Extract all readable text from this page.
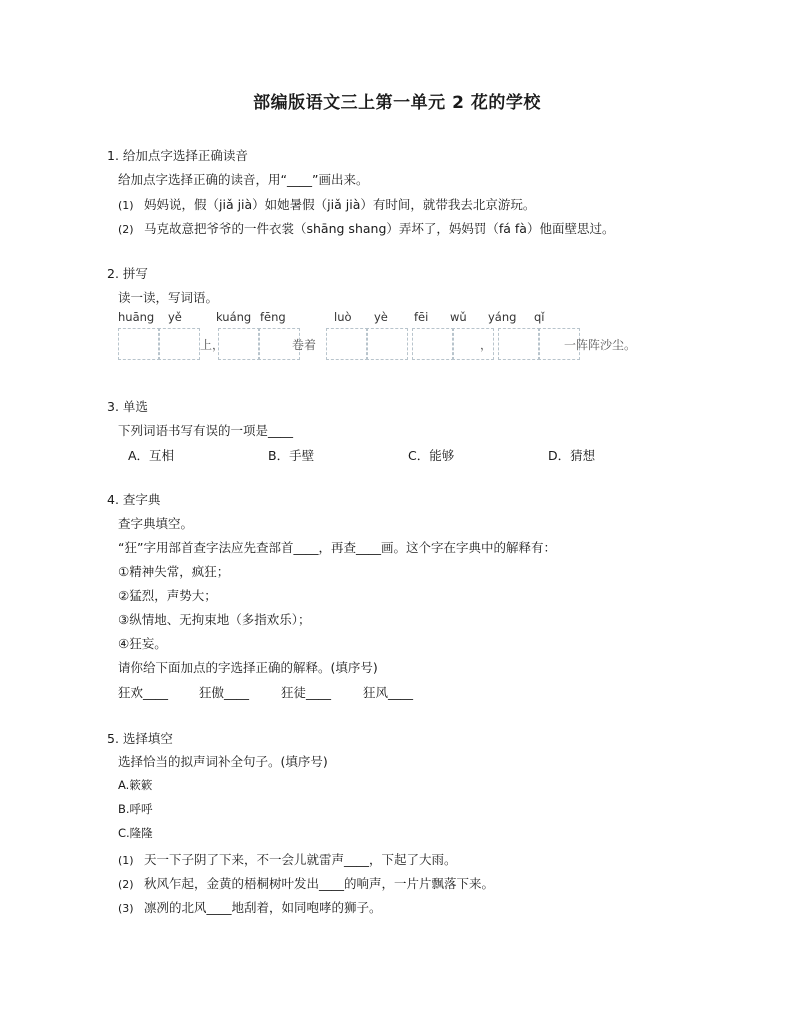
部编版语文三上第一单元 2 花的学校
1. 给加点字选择正确读音
给加点字选择正确的读音，用“____”画出来。
(1) 妈妈说，假（jiǎ jià）如她暑假（jiǎ jià）有时间，就带我去北京游玩。
(2) 马克故意把爷爷的一件衣裳（shāng shang）弄坏了，妈妈罚（fá fà）他面壁思过。
2. 拼写
读一读，写词语。
huāng yě	kuáng fēng	luò yè fēi wǔ yáng qǐ
上，	卷着	，	一阵阵沙尘。
3. 单选
下列词语书写有误的一项是____
A．互相	B．手壁	C．能够	D．猜想
4. 查字典
查字典填空。
“狂”字用部首查字法应先查部首____，再查____画。这个字在字典中的解释有：
①精神失常，疯狂；
②猛烈，声势大；
③纵情地、无拘束地（多指欢乐）；
④狂妄。
请你给下面加点的字选择正确的解释。(填序号)
狂欢____ 狂傲____	狂徒____	狂风____
5. 选择填空
选择恰当的拟声词补全句子。(填序号)
A.簌簌
B.呼呼
C.隆隆
(1) 天一下子阴了下来，不一会儿就雷声____，下起了大雨。
(2) 秋风乍起，金黄的梧桐树叶发出____的响声，一片片飘落下来。
(3) 凛冽的北风____地刮着，如同咆哮的狮子。
